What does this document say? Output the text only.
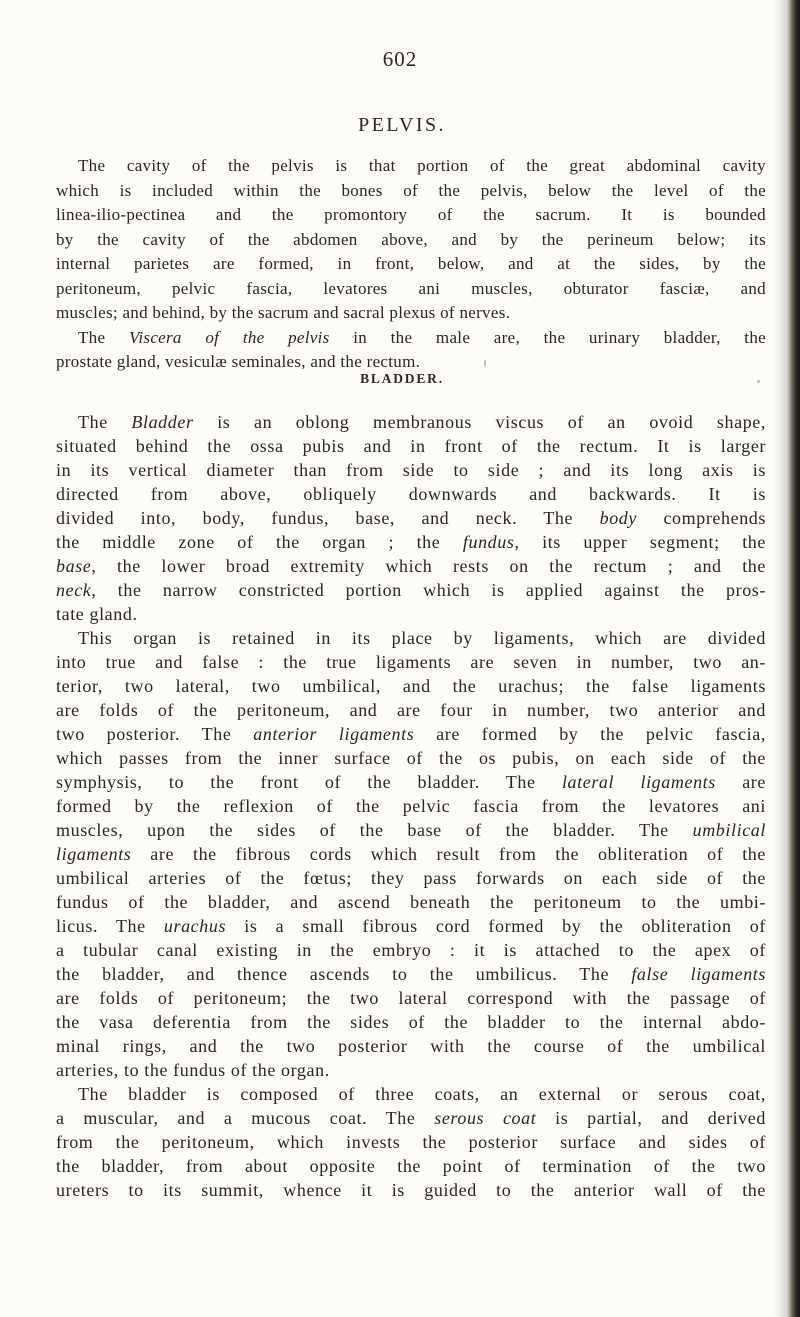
602
PELVIS.
The cavity of the pelvis is that portion of the great abdominal cavity
which is included within the bones of the pelvis, below the level of the
linea-ilio-pectinea and the promontory of the sacrum. It is bounded
by the cavity of the abdomen above, and by the perineum below; its
internal parietes are formed, in front, below, and at the sides, by the
peritoneum, pelvic fascia, levatores ani muscles, obturator fasciæ, and
muscles; and behind, by the sacrum and sacral plexus of nerves.
The Viscera of the pelvis in the male are, the urinary bladder, the
prostate gland, vesiculæ seminales, and the rectum.
BLADDER.
The Bladder is an oblong membranous viscus of an ovoid shape,
situated behind the ossa pubis and in front of the rectum. It is larger
in its vertical diameter than from side to side ; and its long axis is
directed from above, obliquely downwards and backwards. It is
divided into, body, fundus, base, and neck. The body comprehends
the middle zone of the organ ; the fundus, its upper segment; the
base, the lower broad extremity which rests on the rectum ; and the
neck, the narrow constricted portion which is applied against the pros-
tate gland.
This organ is retained in its place by ligaments, which are divided
into true and false : the true ligaments are seven in number, two an-
terior, two lateral, two umbilical, and the urachus; the false ligaments
are folds of the peritoneum, and are four in number, two anterior and
two posterior. The anterior ligaments are formed by the pelvic fascia,
which passes from the inner surface of the os pubis, on each side of the
symphysis, to the front of the bladder. The lateral ligaments are
formed by the reflexion of the pelvic fascia from the levatores ani
muscles, upon the sides of the base of the bladder. The umbilical
ligaments are the fibrous cords which result from the obliteration of the
umbilical arteries of the fœtus; they pass forwards on each side of the
fundus of the bladder, and ascend beneath the peritoneum to the umbi-
licus. The urachus is a small fibrous cord formed by the obliteration of
a tubular canal existing in the embryo : it is attached to the apex of
the bladder, and thence ascends to the umbilicus. The false ligaments
are folds of peritoneum; the two lateral correspond with the passage of
the vasa deferentia from the sides of the bladder to the internal abdo-
minal rings, and the two posterior with the course of the umbilical
arteries, to the fundus of the organ.
The bladder is composed of three coats, an external or serous coat,
a muscular, and a mucous coat. The serous coat is partial, and derived
from the peritoneum, which invests the posterior surface and sides of
the bladder, from about opposite the point of termination of the two
ureters to its summit, whence it is guided to the anterior wall of the
